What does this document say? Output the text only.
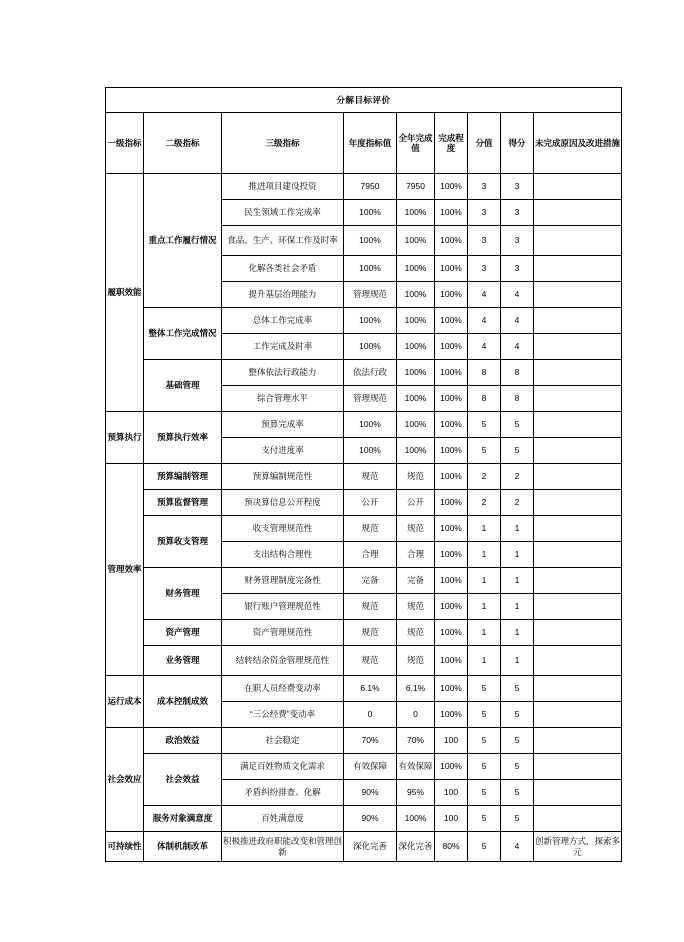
分解目标评价								
一级指标	二级指标	三级指标	年度指标值	全年完成值	完成程度	分值	得分	未完成原因及改进措施
履职效能	重点工作履行情况	推进项目建设投资	7950	7950	100%	3	3	

		民生领域工作完成率	100%	100%	100%	3	3	

		食品、生产、环保工作及时率	100%	100%	100%	3	3	

		化解各类社会矛盾	100%	100%	100%	3	3	

		提升基层治理能力	管理规范	100%	100%	4	4	

	整体工作完成情况	总体工作完成率	100%	100%	100%	4	4	

		工作完成及时率	100%	100%	100%	4	4	

	基础管理	整体依法行政能力	依法行政	100%	100%	8	8	

		综合管理水平	管理规范	100%	100%	8	8	

预算执行	预算执行效率	预算完成率	100%	100%	100%	5	5	

		支付进度率	100%	100%	100%	5	5	

管理效率	预算编制管理	预算编制规范性	规范	规范	100%	2	2	

	预算监督管理	预决算信息公开程度	公开	公开	100%	2	2	

	预算收支管理	收支管理规范性	规范	规范	100%	1	1	

		支出结构合理性	合理	合理	100%	1	1	

	财务管理	财务管理制度完备性	完备	完备	100%	1	1	

		银行账户管理规范性	规范	规范	100%	1	1	

	资产管理	资产管理规范性	规范	规范	100%	1	1	

	业务管理	结转结余资金管理规范性	规范	规范	100%	1	1	

运行成本	成本控制成效	在职人员经费变动率	6.1%	6.1%	100%	5	5	

		“三公经费”变动率	0	0	100%	5	5	

社会效应	政治效益	社会稳定	70%	70%	100	5	5	

	社会效益	满足百姓物质文化需求	有效保障	有效保障	100%	5	5	

		矛盾纠纷排查、化解	90%	95%	100	5	5	

	服务对象满意度	百姓满意度	90%	100%	100	5	5	

可持续性	体制机制改革	积极推进政府职能改变和管理创新	深化完善	深化完善	80%	5	4	创新管理方式，探索多元
